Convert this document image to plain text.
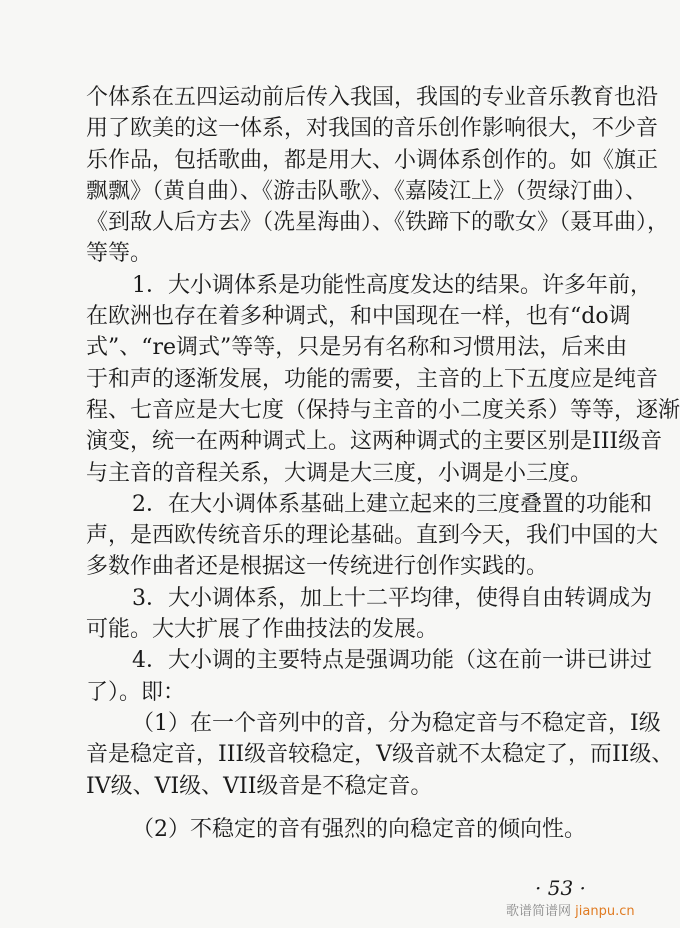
个体系在五四运动前后传入我国，我国的专业音乐教育也沿
用了欧美的这一体系，对我国的音乐创作影响很大，不少音
乐作品，包括歌曲，都是用大、小调体系创作的。如《旗正
飘飘》（黄自曲）、《游击队歌》、《嘉陵江上》（贺绿汀曲）、
《到敌人后方去》（冼星海曲）、《铁蹄下的歌女》（聂耳曲），
等等。
1．大小调体系是功能性高度发达的结果。许多年前，
在欧洲也存在着多种调式，和中国现在一样，也有“do调
式”、“re调式”等等，只是另有名称和习惯用法，后来由
于和声的逐渐发展，功能的需要，主音的上下五度应是纯音
程、七音应是大七度（保持与主音的小二度关系）等等，逐渐
演变，统一在两种调式上。这两种调式的主要区别是III级音
与主音的音程关系，大调是大三度，小调是小三度。
2．在大小调体系基础上建立起来的三度叠置的功能和
声，是西欧传统音乐的理论基础。直到今天，我们中国的大
多数作曲者还是根据这一传统进行创作实践的。
3．大小调体系，加上十二平均律，使得自由转调成为
可能。大大扩展了作曲技法的发展。
4．大小调的主要特点是强调功能（这在前一讲已讲过
了）。即：
（1）在一个音列中的音，分为稳定音与不稳定音，I级
音是稳定音，III级音较稳定，V级音就不太稳定了，而II级、
IV级、VI级、VII级音是不稳定音。
（2）不稳定的音有强烈的向稳定音的倾向性。
· 53 ·
歌谱简谱网 jianpu.cn
